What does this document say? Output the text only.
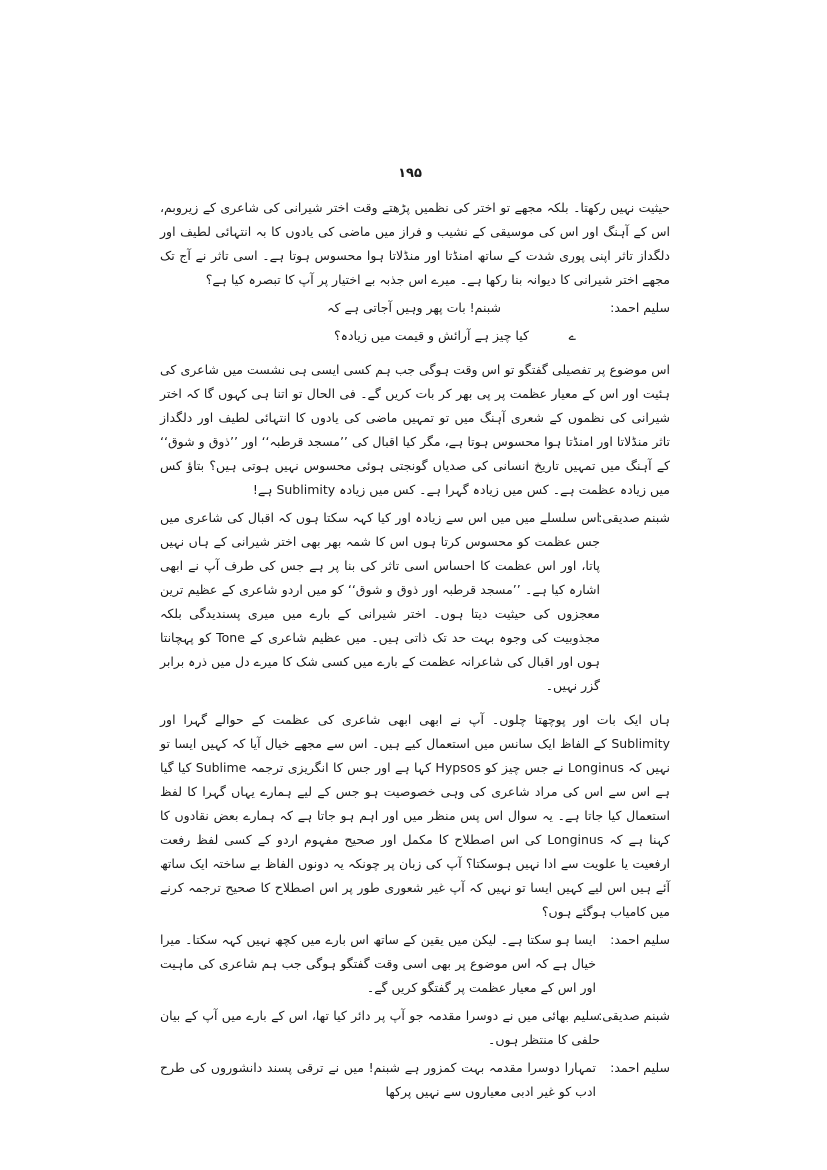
۱۹۵

حیثیت نہیں رکھتا۔ بلکہ مجھے تو اختر کی نظمیں پڑھتے وقت اختر شیرانی کی شاعری کے زیروبم، اس کے آہنگ اور اس کی موسیقی کے نشیب و فراز میں ماضی کی یادوں کا بہ انتہائی لطیف اور دلگداز تاثر اپنی پوری شدت کے ساتھ امنڈتا اور منڈلاتا ہوا محسوس ہوتا ہے۔ اسی تاثر نے آج تک مجھے اختر شیرانی کا دیوانہ بنا رکھا ہے۔ میرے اس جذبہ بے اختیار پر آپ کا تبصرہ کیا ہے؟

سلیم احمد:
شبنم! بات پھر وہیں آجاتی ہے کہ
ے          کیا چیز ہے آرائش و قیمت میں زیادہ؟

اس موضوع پر تفصیلی گفتگو تو اس وقت ہوگی جب ہم کسی ایسی ہی نشست میں شاعری کی ہئیت اور اس کے معیار عظمت پر پی بھر کر بات کریں گے۔ فی الحال تو اتنا ہی کہوں گا کہ اختر شیرانی کی نظموں کے شعری آہنگ میں تو تمہیں ماضی کی یادوں کا انتہائی لطیف اور دلگداز تاثر منڈلاتا اور امنڈتا ہوا محسوس ہوتا ہے، مگر کیا اقبال کی ’’مسجد قرطبہ‘‘ اور ’’ذوق و شوق‘‘ کے آہنگ میں تمہیں تاریخ انسانی کی صدیاں گونجتی ہوئی محسوس نہیں ہوتی ہیں؟ بتاؤ کس میں زیادہ عظمت ہے۔ کس میں زیادہ گہرا ہے۔ کس میں زیادہ Sublimity ہے!

شبنم صدیقی:
اس سلسلے میں میں اس سے زیادہ اور کیا کہہ سکتا ہوں کہ اقبال کی شاعری میں جس عظمت کو محسوس کرتا ہوں اس کا شمہ بھر بھی اختر شیرانی کے ہاں نہیں پاتا، اور اس عظمت کا احساس اسی تاثر کی بنا پر ہے جس کی طرف آپ نے ابھی اشارہ کیا ہے۔ ’’مسجد قرطبہ اور ذوق و شوق‘‘ کو میں اردو شاعری کے عظیم ترین معجزوں کی حیثیت دیتا ہوں۔ اختر شیرانی کے بارے میں میری پسندیدگی بلکہ مجذوبیت کی وجوہ بہت حد تک ذاتی ہیں۔ میں عظیم شاعری کے Tone کو پہچانتا ہوں اور اقبال کی شاعرانہ عظمت کے بارے میں کسی شک کا میرے دل میں ذرہ برابر گزر نہیں۔

ہاں ایک بات اور پوچھتا چلوں۔ آپ نے ابھی ابھی شاعری کی عظمت کے حوالے گہرا اور Sublimity کے الفاظ ایک سانس میں استعمال کیے ہیں۔ اس سے مجھے خیال آیا کہ کہیں ایسا تو نہیں کہ Longinus نے جس چیز کو Hypsos کہا ہے اور جس کا انگریزی ترجمہ Sublime کیا گیا ہے اس سے اس کی مراد شاعری کی وہی خصوصیت ہو جس کے لیے ہمارے یہاں گہرا کا لفظ استعمال کیا جاتا ہے۔ یہ سوال اس پس منظر میں اور اہم ہو جاتا ہے کہ ہمارے بعض نقادوں کا کہنا ہے کہ Longinus کی اس اصطلاح کا مکمل اور صحیح مفہوم اردو کے کسی لفظ رفعت ارفعیت یا علویت سے ادا نہیں ہوسکتا؟ آپ کی زبان پر چونکہ یہ دونوں الفاظ بے ساختہ ایک ساتھ آئے ہیں اس لیے کہیں ایسا تو نہیں کہ آپ غیر شعوری طور پر اس اصطلاح کا صحیح ترجمہ کرنے میں کامیاب ہوگئے ہوں؟

سلیم احمد:
ایسا ہو سکتا ہے۔ لیکن میں یقین کے ساتھ اس بارے میں کچھ نہیں کہہ سکتا۔ میرا خیال ہے کہ اس موضوع پر بھی اسی وقت گفتگو ہوگی جب ہم شاعری کی ماہیت اور اس کے معیار عظمت پر گفتگو کریں گے۔
شبنم صدیقی:
سلیم بھائی میں نے دوسرا مقدمہ جو آپ پر دائر کیا تھا، اس کے بارے میں آپ کے بیان حلفی کا منتظر ہوں۔
سلیم احمد:
تمہارا دوسرا مقدمہ بہت کمزور ہے شبنم! میں نے ترقی پسند دانشوروں کی طرح ادب کو غیر ادبی معیاروں سے نہیں پرکھا
